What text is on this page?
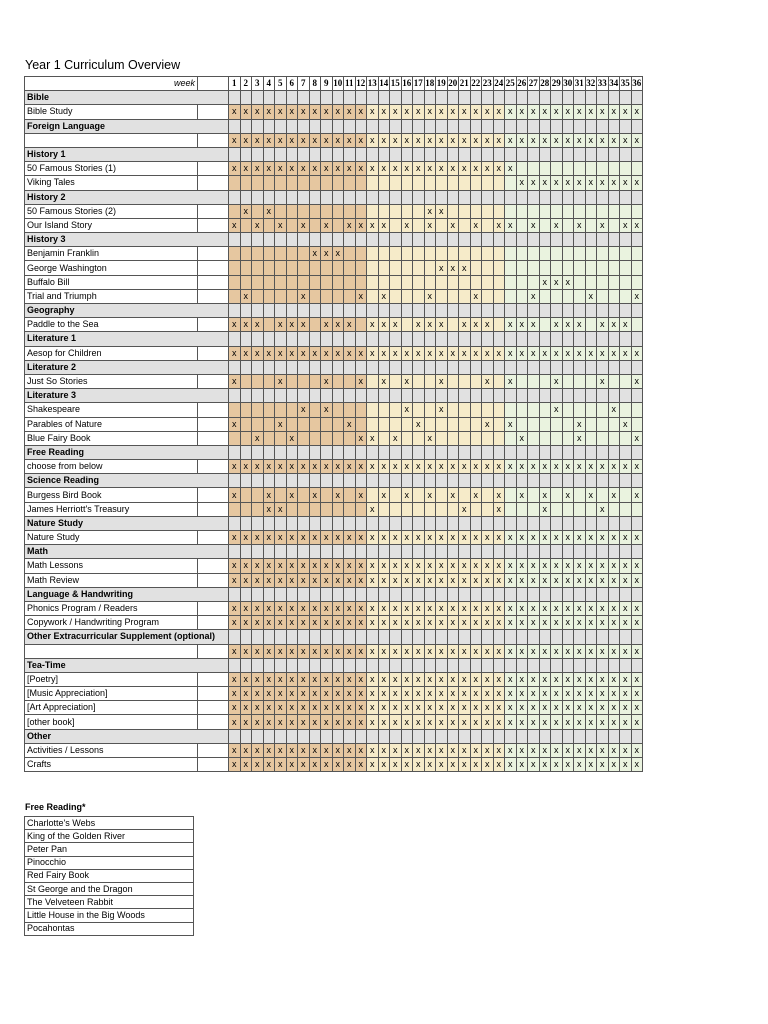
Year 1 Curriculum Overview
week		1	2	3	4	5	6	7	8	9	10	11	12	13	14	15	16	17	18	19	20	21	22	23	24	25	26	27	28	29	30	31	32	33	34	35	36
Bible																																					
Bible Study		x	x	x	x	x	x	x	x	x	x	x	x	x	x	x	x	x	x	x	x	x	x	x	x	x	x	x	x	x	x	x	x	x	x	x	x
Foreign Language																																					
		x	x	x	x	x	x	x	x	x	x	x	x	x	x	x	x	x	x	x	x	x	x	x	x	x	x	x	x	x	x	x	x	x	x	x	x
History 1																																					
50 Famous Stories (1)		x	x	x	x	x	x	x	x	x	x	x	x	x	x	x	x	x	x	x	x	x	x	x	x	x											
Viking Tales																											x	x	x	x	x	x	x	x	x	x	x
History 2																																					
50 Famous Stories (2)			x		x														x	x																	
Our Island Story		x		x		x		x		x		x	x	x	x		x		x		x		x		x	x		x		x		x		x		x	x
History 3																																					
Benjamin Franklin									x	x	x																										
George Washington																				x	x	x															
Buffalo Bill																													x	x	x						
Trial and Triumph			x					x					x		x				x				x					x					x				x
Geography																																					
Paddle to the Sea		x	x	x		x	x	x		x	x	x		x	x	x		x	x	x		x	x	x		x	x	x		x	x	x		x	x	x	
Literature 1																																					
Aesop for Children		x	x	x	x	x	x	x	x	x	x	x	x	x	x	x	x	x	x	x	x	x	x	x	x	x	x	x	x	x	x	x	x	x	x	x	x
Literature 2																																					
Just So Stories		x				x				x			x		x		x			x				x		x				x				x			x
Literature 3																																					
Shakespeare								x		x							x			x										x					x		
Parables of Nature		x				x						x						x						x		x						x				x	
Blue Fairy Book				x			x						x	x		x			x								x					x					x
Free Reading																																					
choose from below		x	x	x	x	x	x	x	x	x	x	x	x	x	x	x	x	x	x	x	x	x	x	x	x	x	x	x	x	x	x	x	x	x	x	x	x
Science Reading																																					
Burgess Bird Book		x			x		x		x		x		x		x		x		x		x		x		x		x		x		x		x		x		x
James Herriott's Treasury					x	x								x								x			x				x					x			
Nature Study																																					
Nature Study		x	x	x	x	x	x	x	x	x	x	x	x	x	x	x	x	x	x	x	x	x	x	x	x	x	x	x	x	x	x	x	x	x	x	x	x
Math																																					
Math Lessons		x	x	x	x	x	x	x	x	x	x	x	x	x	x	x	x	x	x	x	x	x	x	x	x	x	x	x	x	x	x	x	x	x	x	x	x
Math Review		x	x	x	x	x	x	x	x	x	x	x	x	x	x	x	x	x	x	x	x	x	x	x	x	x	x	x	x	x	x	x	x	x	x	x	x
Language & Handwriting																																					
Phonics Program / Readers		x	x	x	x	x	x	x	x	x	x	x	x	x	x	x	x	x	x	x	x	x	x	x	x	x	x	x	x	x	x	x	x	x	x	x	x
Copywork / Handwriting Program		x	x	x	x	x	x	x	x	x	x	x	x	x	x	x	x	x	x	x	x	x	x	x	x	x	x	x	x	x	x	x	x	x	x	x	x
Other Extracurricular Supplement (optional)																																					
		x	x	x	x	x	x	x	x	x	x	x	x	x	x	x	x	x	x	x	x	x	x	x	x	x	x	x	x	x	x	x	x	x	x	x	x
Tea-Time																																					
[Poetry]		x	x	x	x	x	x	x	x	x	x	x	x	x	x	x	x	x	x	x	x	x	x	x	x	x	x	x	x	x	x	x	x	x	x	x	x
[Music Appreciation]		x	x	x	x	x	x	x	x	x	x	x	x	x	x	x	x	x	x	x	x	x	x	x	x	x	x	x	x	x	x	x	x	x	x	x	x
[Art Appreciation]		x	x	x	x	x	x	x	x	x	x	x	x	x	x	x	x	x	x	x	x	x	x	x	x	x	x	x	x	x	x	x	x	x	x	x	x
[other book]		x	x	x	x	x	x	x	x	x	x	x	x	x	x	x	x	x	x	x	x	x	x	x	x	x	x	x	x	x	x	x	x	x	x	x	x
Other																																					
Activities / Lessons		x	x	x	x	x	x	x	x	x	x	x	x	x	x	x	x	x	x	x	x	x	x	x	x	x	x	x	x	x	x	x	x	x	x	x	x
Crafts		x	x	x	x	x	x	x	x	x	x	x	x	x	x	x	x	x	x	x	x	x	x	x	x	x	x	x	x	x	x	x	x	x	x	x	x
Free Reading*
Charlotte's Webs
King of the Golden River
Peter Pan
Pinocchio
Red Fairy Book
St George and the Dragon
The Velveteen Rabbit
Little House in the Big Woods
Pocahontas
